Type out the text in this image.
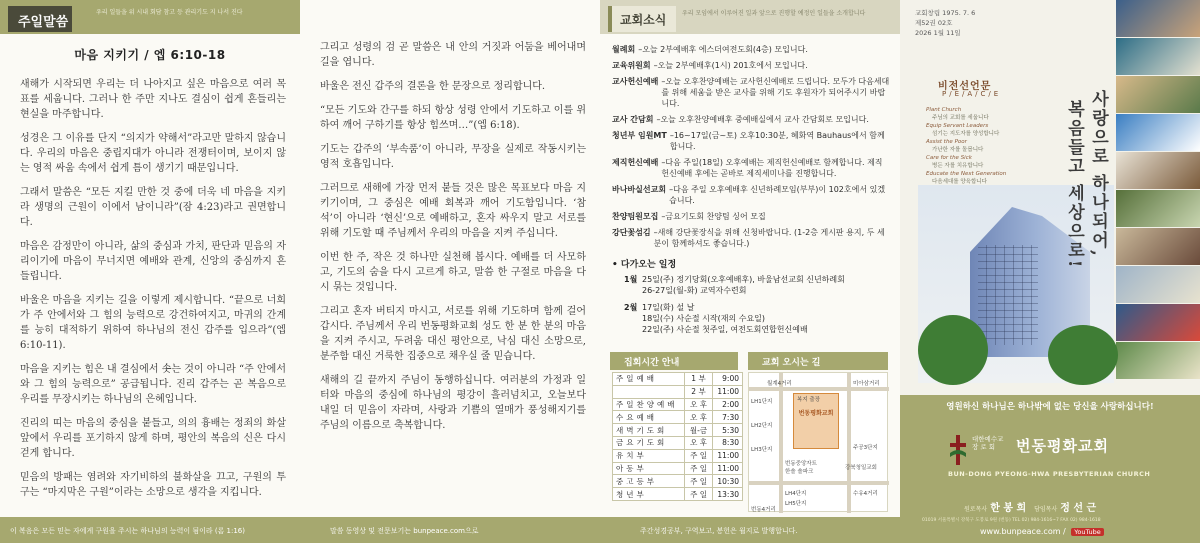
주일말씀
우리 일들을 위 시내 회담 참고 등 관리기도 지 나서 진다
마음 지키기 / 엡 6:10-18

새해가 시작되면 우리는 더 나아지고 싶은 마음으로 여러 목표를 세웁니다. 그러나 한 주만 지나도 결심이 쉽게 흔들리는 현실을 마주합니다.

성경은 그 이유를 단지 “의지가 약해서”라고만 말하지 않습니다. 우리의 마음은 중립지대가 아니라 전쟁터이며, 보이지 않는 영적 싸움 속에서 쉽게 틈이 생기기 때문입니다.

그래서 말씀은 “모든 지킬 만한 것 중에 더욱 네 마음을 지키라 생명의 근원이 이에서 남이니라”(잠 4:23)라고 권면합니다.

마음은 감정만이 아니라, 삶의 중심과 가치, 판단과 믿음의 자리이기에 마음이 무너지면 예배와 관계, 신앙의 중심까지 흔들립니다.

바울은 마음을 지키는 길을 이렇게 제시합니다. “끝으로 너희가 주 안에서와 그 힘의 능력으로 강건하여지고, 마귀의 간계를 능히 대적하기 위하여 하나님의 전신 갑주를 입으라”(엡 6:10-11).

마음을 지키는 힘은 내 결심에서 솟는 것이 아니라 “주 안에서와 그 힘의 능력으로” 공급됩니다. 진리 갑주는 곧 복음으로 우리를 무장시키는 하나님의 은혜입니다.

진리의 띠는 마음의 중심을 붙들고, 의의 흉배는 정죄의 화살 앞에서 우리를 포기하지 않게 하며, 평안의 복음의 신은 다시 걷게 합니다.

믿음의 방패는 염려와 자기비하의 불화살을 끄고, 구원의 투구는 “마지막은 구원”이라는 소망으로 생각을 지킵니다.

이 복음은 모든 믿는 자에게 구원을 주시는 하나님의 능력이 됨이라 (롬 1:16)

그리고 성령의 검 곧 말씀은 내 안의 거짓과 어둠을 베어내며 길을 엽니다.

바울은 전신 갑주의 결론을 한 문장으로 정리합니다.

“모든 기도와 간구를 하되 항상 성령 안에서 기도하고 이를 위하여 깨어 구하기를 항상 힘쓰며…”(엡 6:18).

기도는 갑주의 ‘부속품’이 아니라, 무장을 실제로 작동시키는 영적 호흡입니다.

그러므로 새해에 가장 먼저 붙들 것은 많은 목표보다 마음 지키기이며, 그 중심은 예배 회복과 깨어 기도함입니다. ‘참석’이 아니라 ‘현신’으로 예배하고, 혼자 싸우지 말고 서로를 위해 기도할 때 주님께서 우리의 마음을 지켜 주십니다.

이번 한 주, 작은 것 하나만 실천해 봅시다. 예배를 더 사모하고, 기도의 숨을 다시 고르게 하고, 말씀 한 구절로 마음을 다시 묶는 것입니다.

그리고 혼자 버티지 마시고, 서로를 위해 기도하며 함께 걸어갑시다. 주님께서 우리 번동평화교회 성도 한 분 한 분의 마음을 지켜 주시고, 두려움 대신 평안으로, 낙심 대신 소망으로, 분주함 대신 거룩한 집중으로 채우실 줄 믿습니다.

새해의 길 끝까지 주님이 동행하십니다. 여러분의 가정과 일터와 마음의 중심에 하나님의 평강이 흘러넘치고, 오늘보다 내일 더 믿음이 자라며, 사랑과 기쁨의 열매가 풍성해지기를 주님의 이름으로 축복합니다.

말씀 동영상 및 전문보기는 bunpeace.com으로
교회소식	우리 모임에서 이루어진 일과 앞으로 진행할 예정인 일들을 소개합니다
월례회 –오늘 2부예배후 에스더여전도회(4층) 모입니다.
교육위원회 –오늘 2부예배후(1시) 201호에서 모입니다.
교사헌신예배 –오늘 오후찬양예배는 교사헌신예배로 드립니다. 모두가 다음세대를 위해 세움을 받은 교사를 위해 기도 후원자가 되어주시기 바랍니다.
교사 간담회 –오늘 오후찬양예배후 중예배실에서 교사 간담회로 모입니다.
청년부 임원MT –16~17일(금~토) 오후10:30분, 혜화역 Bauhaus에서 함께합니다.
제직헌신예배 –다음 주일(18일) 오후예배는 제직헌신예배로 함께합니다. 제직헌신예배 후에는 곧바로 제직세미나를 진행합니다.
바나바실선교회 –다음 주일 오후예배후 신년하례모임(부부)이 102호에서 있겠습니다.
찬양팀원모집 –금요기도회 찬양팀 싱어 모집
강단꽃섬김 –새해 강단꽃장식을 위해 신청바랍니다. (1-2층 게시판 용지, 두 세 분이 함께하셔도 좋습니다.)
• 다가오는 일정
1월 25일(주) 정기당회(오후예배후), 바울남선교회 신년하례회
26-27일(월-화) 교역자수련회
2월 17일(화) 설 날
18일(수) 사순절 시작(재의 수요일)
22일(주) 사순절 첫주일, 여전도회연합헌신예배
주간성경공부, 구역보고, 봉헌은 월지로 발행합니다.
집회시간 안내
주일예배	1 부	9:00
	2 부	11:00
주일찬양예배	오 후	2:00
수요예배	오 후	7:30
새벽기도회	월-금	5:30
금요기도회	오 후	8:30
유치부	주 일	11:00
아동부	주 일	11:00
중고등부	주 일	10:30
청년부	주 일	13:30
교회 오시는 길
번동평화교회
월계4거리	미아삼거리
LH1단지
LH2단지
LH3단지
복지 출장
번동중앙자트
한솔 솔파크
주공3단지
LH4단지
LH5단지
수유4거리
번동4거리
강북청일교회
교회창립 1975. 7. 6
제52권 02호
2026 1월 11일
비전선언문
P/E/A/C/E
Plant Church
주님의 교회를 세웁니다
Equip Servant Leaders
섬기는 지도자를 양성합니다
Assist the Poor
가난한 자를 돌봅니다
Care for the Sick
병든 자를 치유합니다
Educate the Next Generation
다음세대를 양육합니다	사랑으로 하나되어,
복음들고 세상으로!
영원하신 하나님은 하나밖에 없는 당신을 사랑하십니다!
대한예수교
장 로 회	번동평화교회
BUN-DONG PYEONG-HWA PRESBYTERIAN CHURCH
원로목사 한 봉 희 담임목사 정 선 근
01019 서울특별시 강북구 도봉로 9원 (번동) TEL 02) 984-1616~7 FAX 02) 984-1618
www.bunpeace.com / YouTube
